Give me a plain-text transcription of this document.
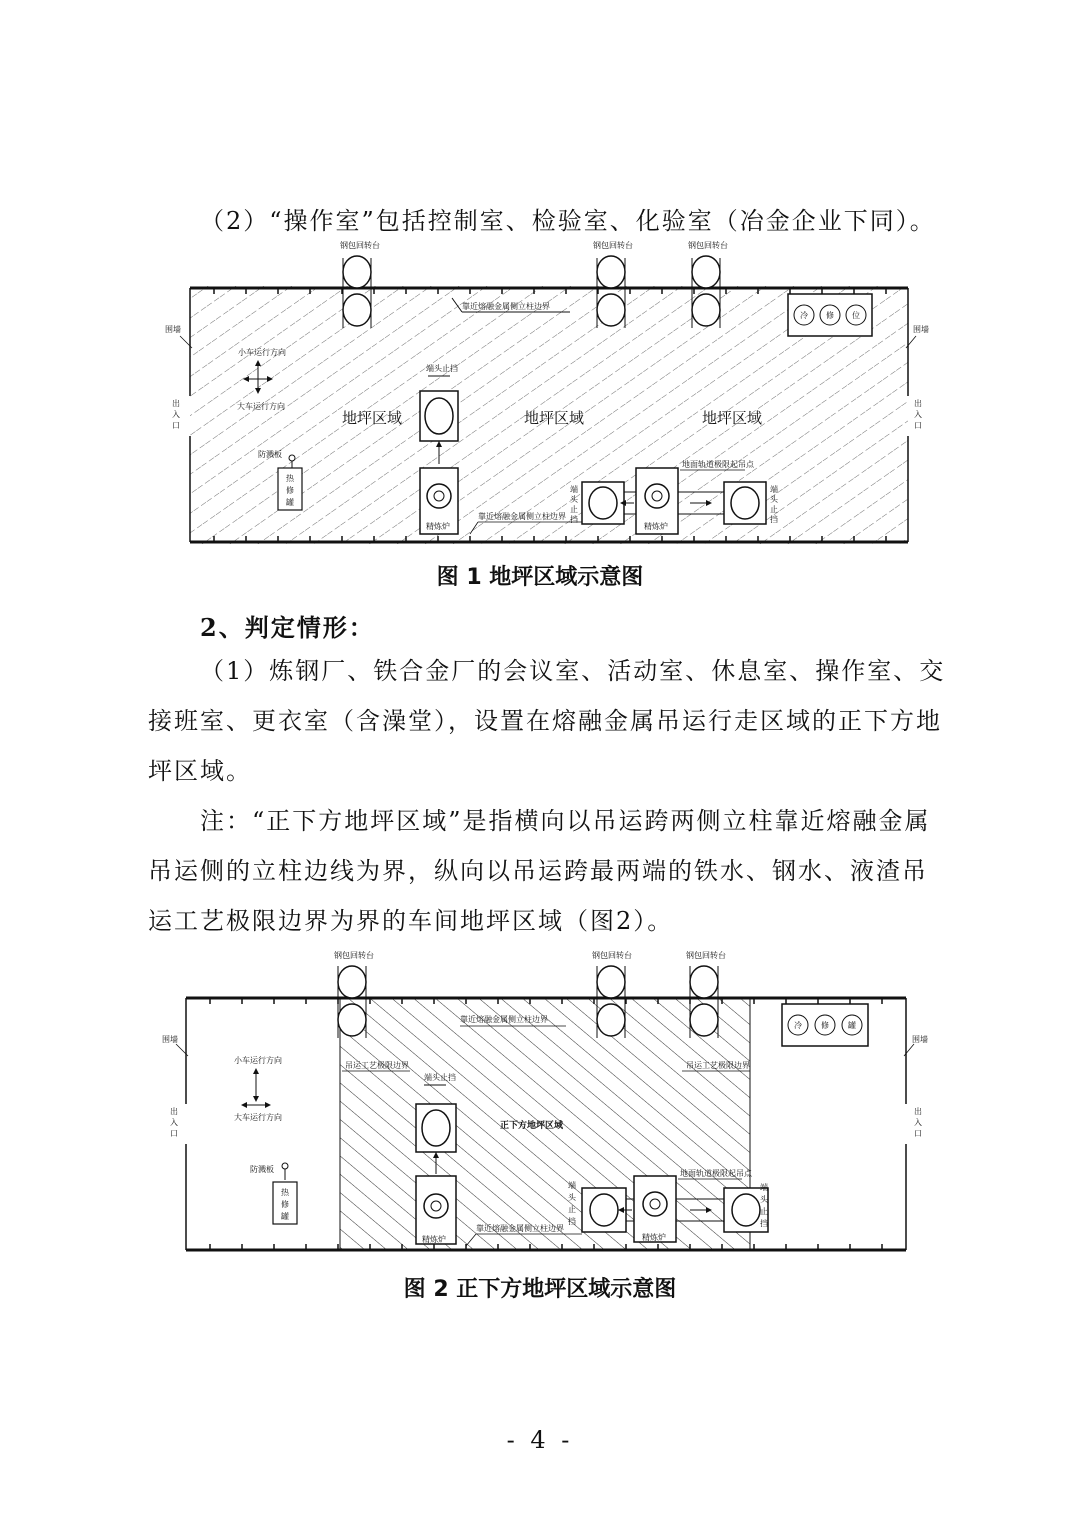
（2）“操作室”包括控制室、检验室、化验室（冶金企业下同）。

钢包回转台	钢包回转台	钢包回转台
靠近熔融金属侧立柱边界
冷 修 位
围墙	围墙
出
入
口
出
入
口
小车运行方向
大车运行方向
地坪区域	地坪区域	地坪区域
端头止挡
精炼炉
防溅板
热
修
罐
地面轨道极限起吊点
靠近熔融金属侧立柱边界
端
头
止
挡
精炼炉
端
头
止
挡
图 1 地坪区域示意图
2、判定情形：

（1）炼钢厂、铁合金厂的会议室、活动室、休息室、操作室、交接班室、更衣室（含澡堂），设置在熔融金属吊运行走区域的正下方地坪区域。

注：“正下方地坪区域”是指横向以吊运跨两侧立柱靠近熔融金属吊运侧的立柱边线为界，纵向以吊运跨最两端的铁水、钢水、液渣吊运工艺极限边界为界的车间地坪区域（图2）。

钢包回转台	钢包回转台	钢包回转台
靠近熔融金属侧立柱边界
冷 修 罐
围墙	围墙
出
入
口
出
入
口
小车运行方向
大车运行方向
吊运工艺极限边界	吊运工艺极限边界
正下方地坪区域
端头止挡
精炼炉
防溅板
热
修
罐
地面轨道极限起吊点
靠近熔融金属侧立柱边界
端
头
止
挡
精炼炉
端
头
止
挡
图 2 正下方地坪区域示意图
- 4 -
